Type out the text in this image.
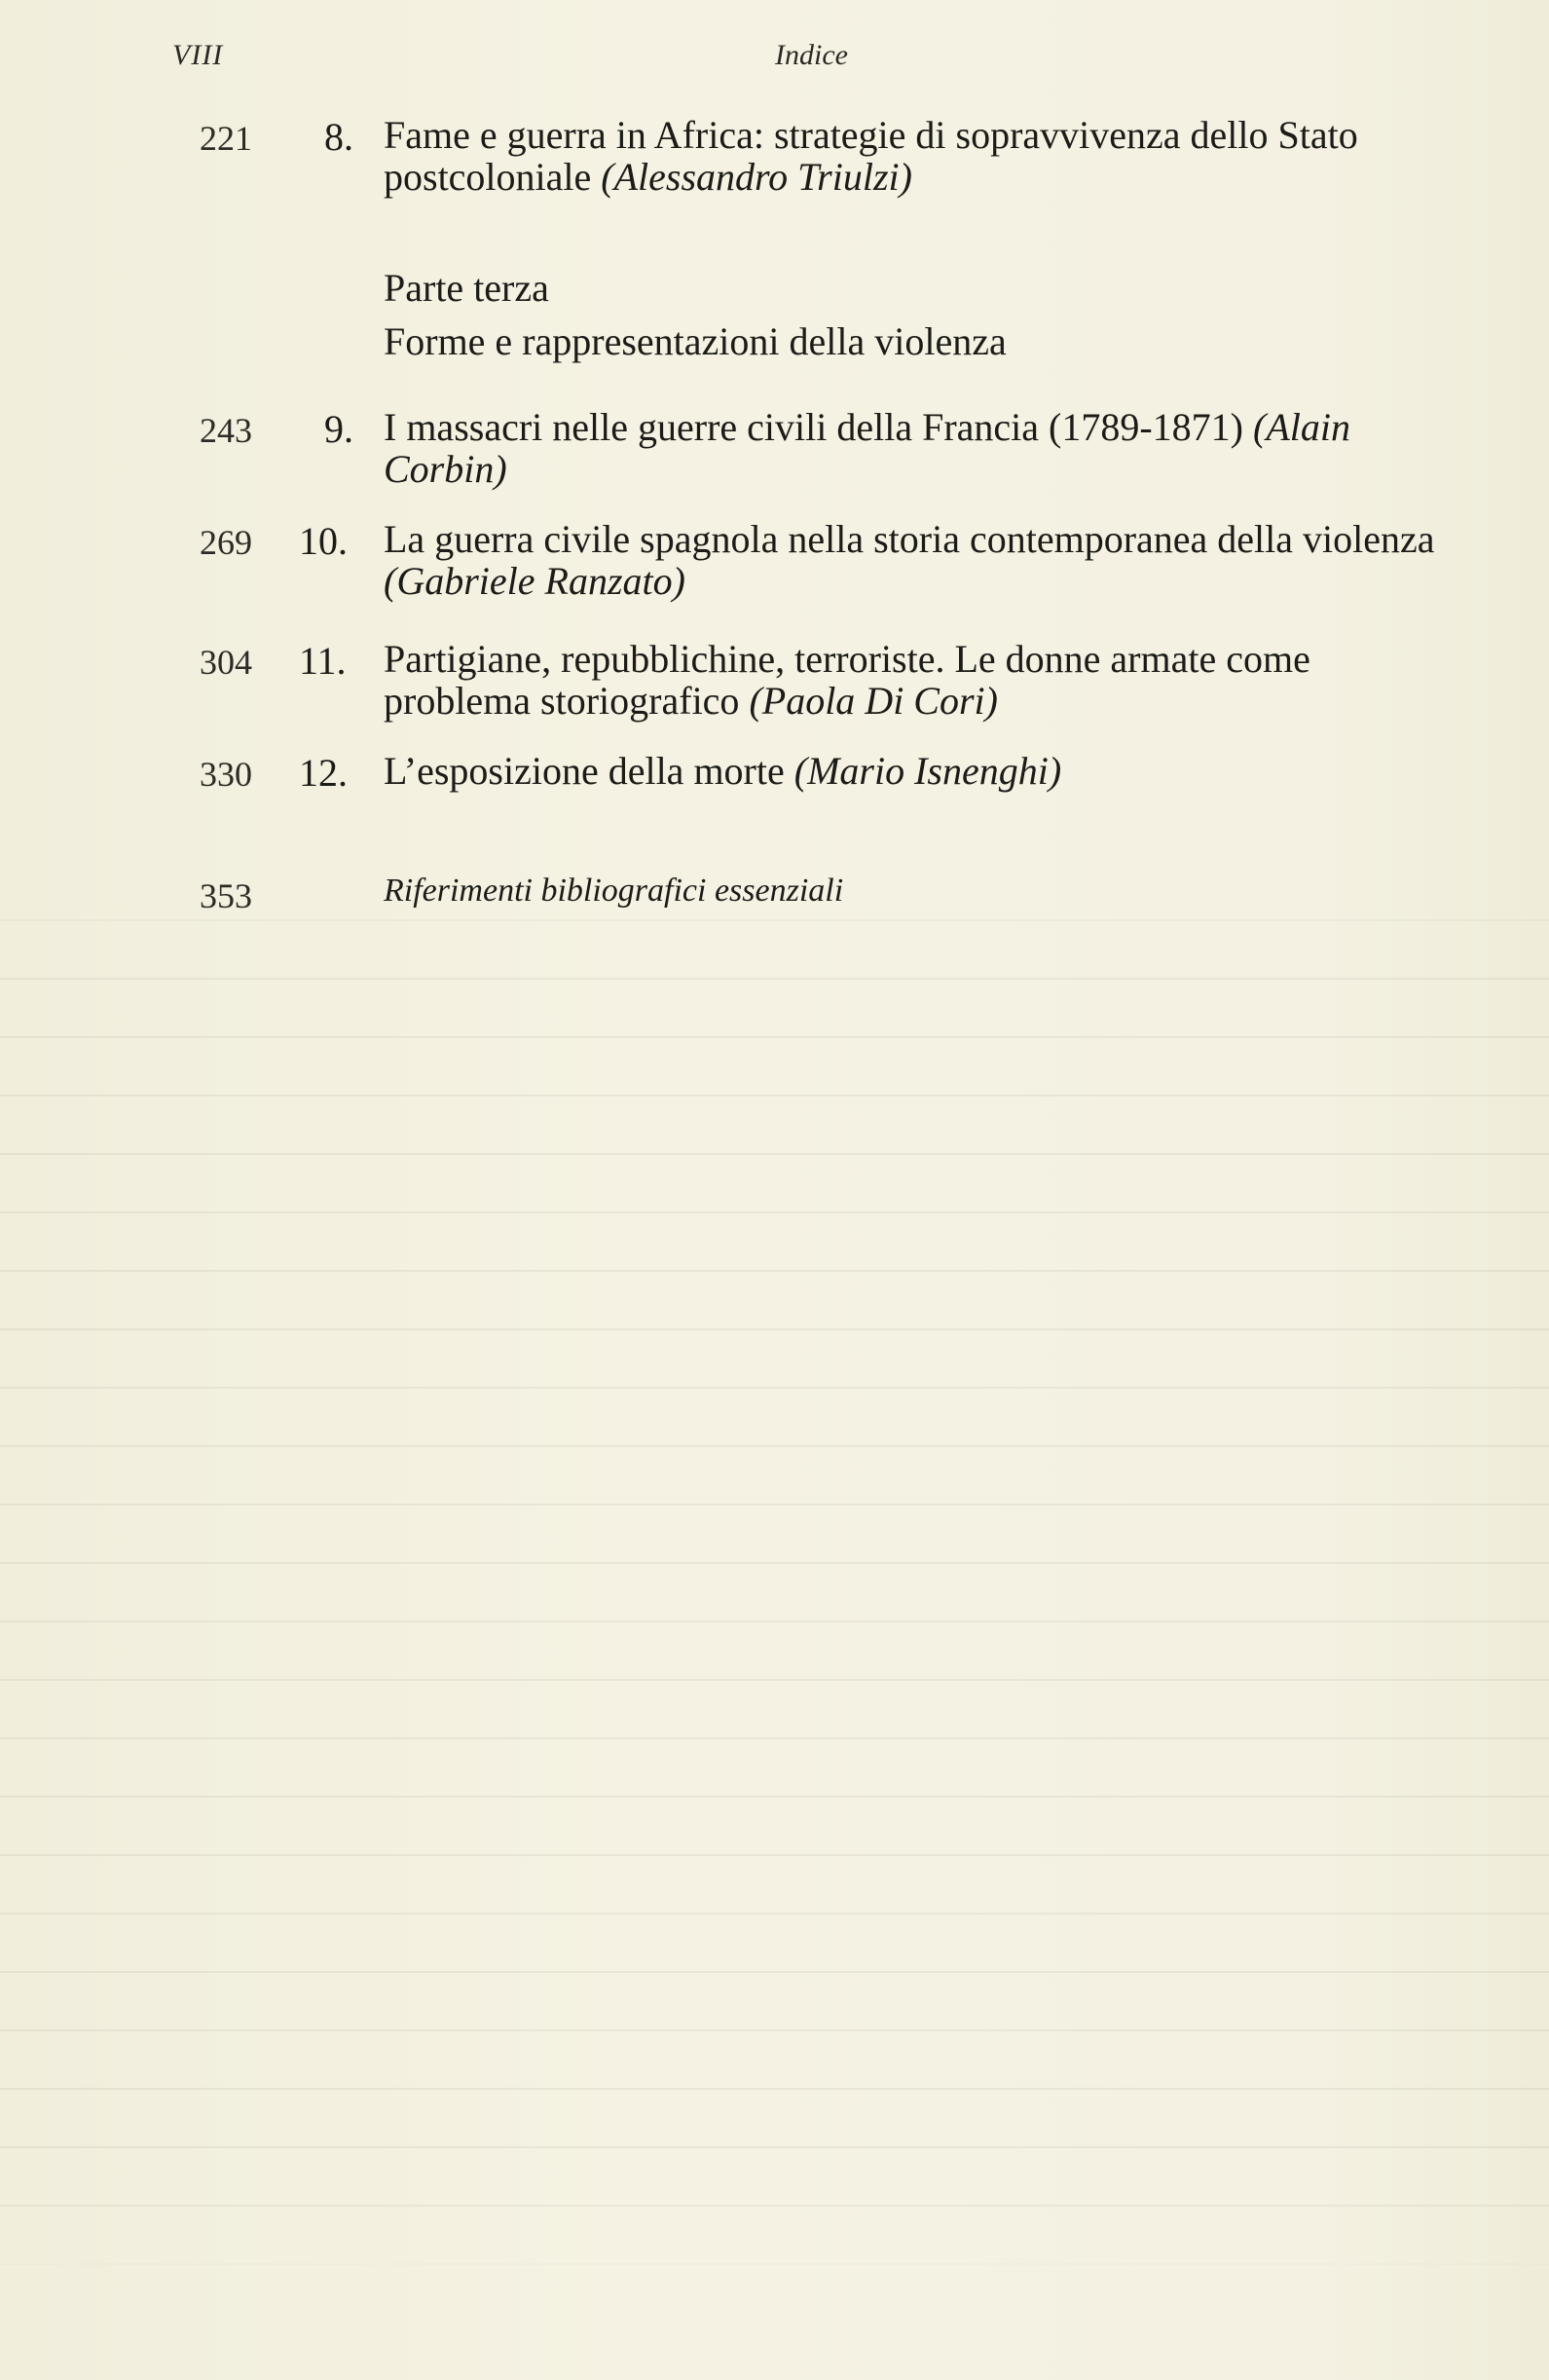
VIII	Indice
221 8. Fame e guerra in Africa: strategie di sopravvivenza dello Stato postcoloniale (Alessandro Triulzi)
Parte terza
Forme e rappresentazioni della violenza
243 9. I massacri nelle guerre civili della Francia (1789-1871) (Alain Corbin)
269 10. La guerra civile spagnola nella storia contemporanea della violenza (Gabriele Ranzato)
304 11. Partigiane, repubblichine, terroriste. Le donne armate come problema storiografico (Paola Di Cori)
330 12. L’esposizione della morte (Mario Isnenghi)
353	Riferimenti bibliografici essenziali
